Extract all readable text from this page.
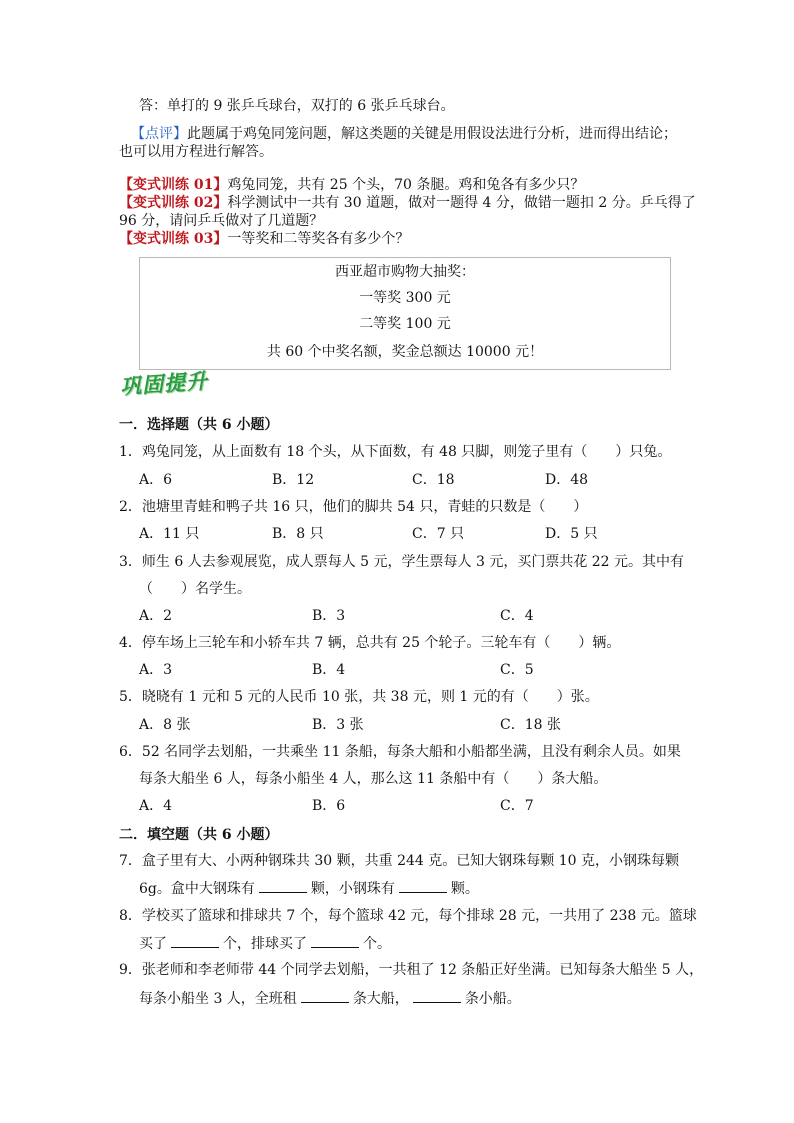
答：单打的 9 张乒乓球台，双打的 6 张乒乓球台。
【点评】此题属于鸡兔同笼问题，解这类题的关键是用假设法进行分析，进而得出结论；
也可以用方程进行解答。
【变式训练 01】鸡兔同笼，共有 25 个头，70 条腿。鸡和兔各有多少只？
【变式训练 02】科学测试中一共有 30 道题，做对一题得 4 分，做错一题扣 2 分。乒乓得了
96 分，请问乒乓做对了几道题？
【变式训练 03】一等奖和二等奖各有多少个？
西亚超市购物大抽奖：
一等奖 300 元
二等奖 100 元
共 60 个中奖名额，奖金总额达 10000 元！
巩固提升
一．选择题（共 6 小题）
1．鸡兔同笼，从上面数有 18 个头，从下面数，有 48 只脚，则笼子里有（　　）只兔。
A．6	B．12	C．18	D．48
2．池塘里青蛙和鸭子共 16 只，他们的脚共 54 只，青蛙的只数是（　　）
A．11 只	B．8 只	C．7 只	D．5 只
3．师生 6 人去参观展览，成人票每人 5 元，学生票每人 3 元，买门票共花 22 元。其中有
（　　）名学生。
A．2	B．3	C．4
4．停车场上三轮车和小轿车共 7 辆，总共有 25 个轮子。三轮车有（　　）辆。
A．3	B．4	C．5
5．晓晓有 1 元和 5 元的人民币 10 张，共 38 元，则 1 元的有（　　）张。
A．8 张	B．3 张	C．18 张
6．52 名同学去划船，一共乘坐 11 条船，每条大船和小船都坐满，且没有剩余人员。如果
每条大船坐 6 人，每条小船坐 4 人，那么这 11 条船中有（　　）条大船。
A．4	B．6	C．7
二．填空题（共 6 小题）
7．盒子里有大、小两种钢珠共 30 颗，共重 244 克。已知大钢珠每颗 10 克，小钢珠每颗
6g。盒中大钢珠有	颗，小钢珠有	颗。
8．学校买了篮球和排球共 7 个，每个篮球 42 元，每个排球 28 元，一共用了 238 元。篮球
买了	个，排球买了	个。
9．张老师和李老师带 44 个同学去划船，一共租了 12 条船正好坐满。已知每条大船坐 5 人，
每条小船坐 3 人，全班租	条大船，	条小船。
